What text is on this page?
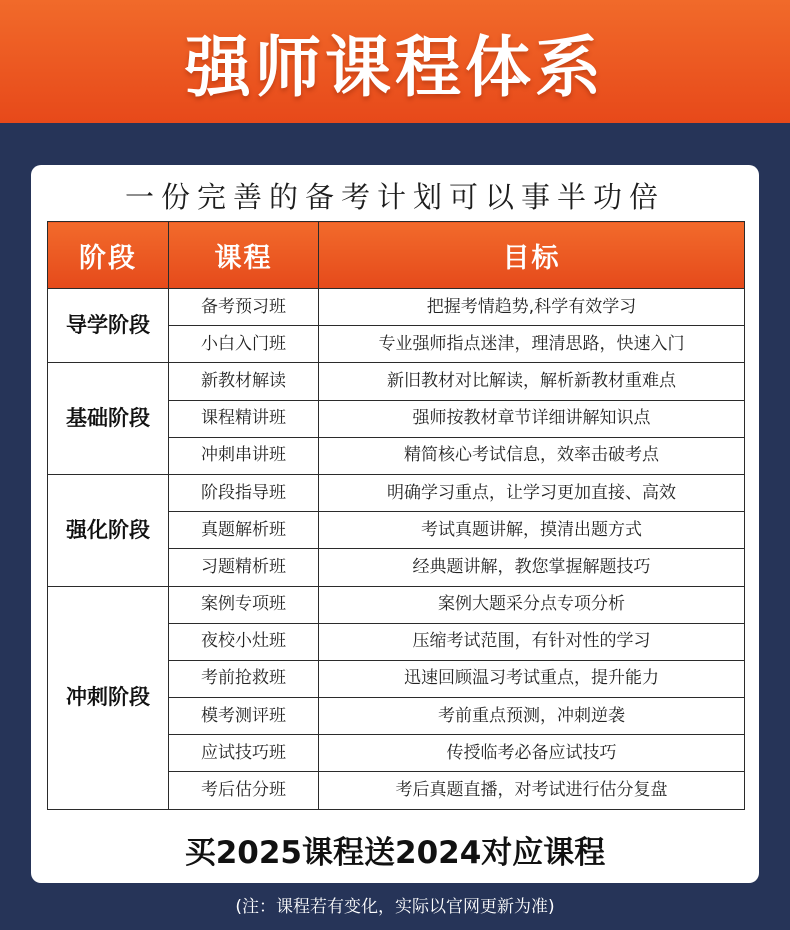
强师课程体系
一份完善的备考计划可以事半功倍
阶段	课程	目标
导学阶段	备考预习班	把握考情趋势,科学有效学习
	小白入门班	专业强师指点迷津，理清思路，快速入门
基础阶段	新教材解读	新旧教材对比解读，解析新教材重难点
	课程精讲班	强师按教材章节详细讲解知识点
	冲刺串讲班	精简核心考试信息，效率击破考点
强化阶段	阶段指导班	明确学习重点，让学习更加直接、高效
	真题解析班	考试真题讲解，摸清出题方式
	习题精析班	经典题讲解，教您掌握解题技巧
冲刺阶段	案例专项班	案例大题采分点专项分析
	夜校小灶班	压缩考试范围，有针对性的学习
	考前抢救班	迅速回顾温习考试重点，提升能力
	模考测评班	考前重点预测，冲刺逆袭
	应试技巧班	传授临考必备应试技巧
	考后估分班	考后真题直播，对考试进行估分复盘
买2025课程送2024对应课程
(注：课程若有变化，实际以官网更新为准)
